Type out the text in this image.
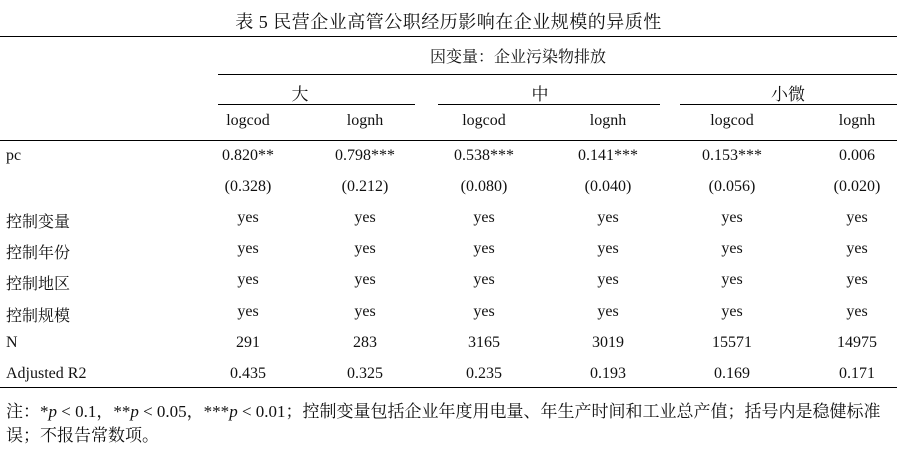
表 5 民营企业高管公职经历影响在企业规模的异质性
因变量：企业污染物排放
大	中	小微
logcod	lognh	logcod	lognh	logcod	lognh
pc	0.820**	0.798***	0.538***	0.141***	0.153***	0.006
(0.328)	(0.212)	(0.080)	(0.040)	(0.056)	(0.020)
控制变量	yes	yes	yes	yes	yes	yes
控制年份	yes	yes	yes	yes	yes	yes
控制地区	yes	yes	yes	yes	yes	yes
控制规模	yes	yes	yes	yes	yes	yes
N	291	283	3165	3019	15571	14975
Adjusted R2	0.435	0.325	0.235	0.193	0.169	0.171
注：*p < 0.1，**p < 0.05，***p < 0.01；控制变量包括企业年度用电量、年生产时间和工业总产值；括号内是稳健标准误；不报告常数项。
